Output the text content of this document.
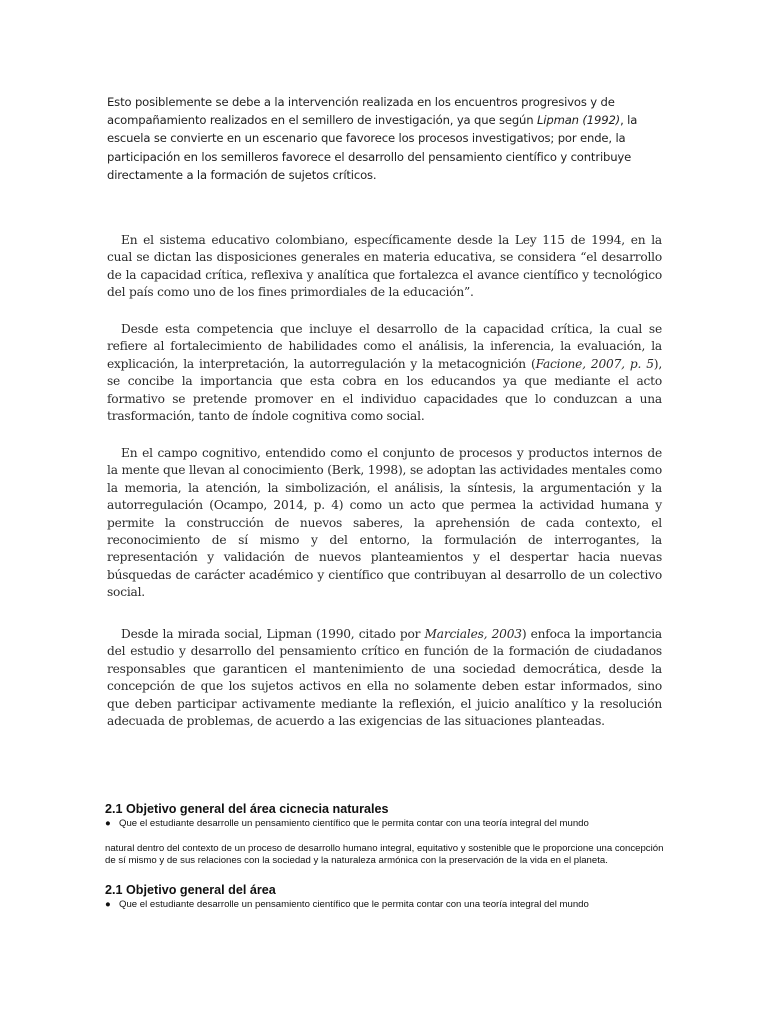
Esto posiblemente se debe a la intervención realizada en los encuentros progresivos y de acompañamiento realizados en el semillero de investigación, ya que según Lipman (1992), la escuela se convierte en un escenario que favorece los procesos investigativos; por ende, la participación en los semilleros favorece el desarrollo del pensamiento científico y contribuye directamente a la formación de sujetos críticos.

En el sistema educativo colombiano, específicamente desde la Ley 115 de 1994, en la cual se dictan las disposiciones generales en materia educativa, se considera “el desarrollo de la capacidad crítica, reflexiva y analítica que fortalezca el avance científico y tecnológico del país como uno de los fines primordiales de la educación”.

Desde esta competencia que incluye el desarrollo de la capacidad crítica, la cual se refiere al fortalecimiento de habilidades como el análisis, la inferencia, la evaluación, la explicación, la interpretación, la autorregulación y la metacognición (Facione, 2007, p. 5), se concibe la importancia que esta cobra en los educandos ya que mediante el acto formativo se pretende promover en el individuo capacidades que lo conduzcan a una trasformación, tanto de índole cognitiva como social.

En el campo cognitivo, entendido como el conjunto de procesos y productos internos de la mente que llevan al conocimiento (Berk, 1998), se adoptan las actividades mentales como la memoria, la atención, la simbolización, el análisis, la síntesis, la argumentación y la autorregulación (Ocampo, 2014, p. 4) como un acto que permea la actividad humana y permite la construcción de nuevos saberes, la aprehensión de cada contexto, el reconocimiento de sí mismo y del entorno, la formulación de interrogantes, la representación y validación de nuevos planteamientos y el despertar hacia nuevas búsquedas de carácter académico y científico que contribuyan al desarrollo de un colectivo social.

Desde la mirada social, Lipman (1990, citado por Marciales, 2003) enfoca la importancia del estudio y desarrollo del pensamiento crítico en función de la formación de ciudadanos responsables que garanticen el mantenimiento de una sociedad democrática, desde la concepción de que los sujetos activos en ella no solamente deben estar informados, sino que deben participar activamente mediante la reflexión, el juicio analítico y la resolución adecuada de problemas, de acuerdo a las exigencias de las situaciones planteadas.

2.1 Objetivo general del área cicnecia naturales

● Que el estudiante desarrolle un pensamiento científico que le permita contar con una teoría integral del mundo

natural dentro del contexto de un proceso de desarrollo humano integral, equitativo y sostenible que le proporcione una concepción de sí mismo y de sus relaciones con la sociedad y la naturaleza armónica con la preservación de la vida en el planeta.

2.1 Objetivo general del área

● Que el estudiante desarrolle un pensamiento científico que le permita contar con una teoría integral del mundo
